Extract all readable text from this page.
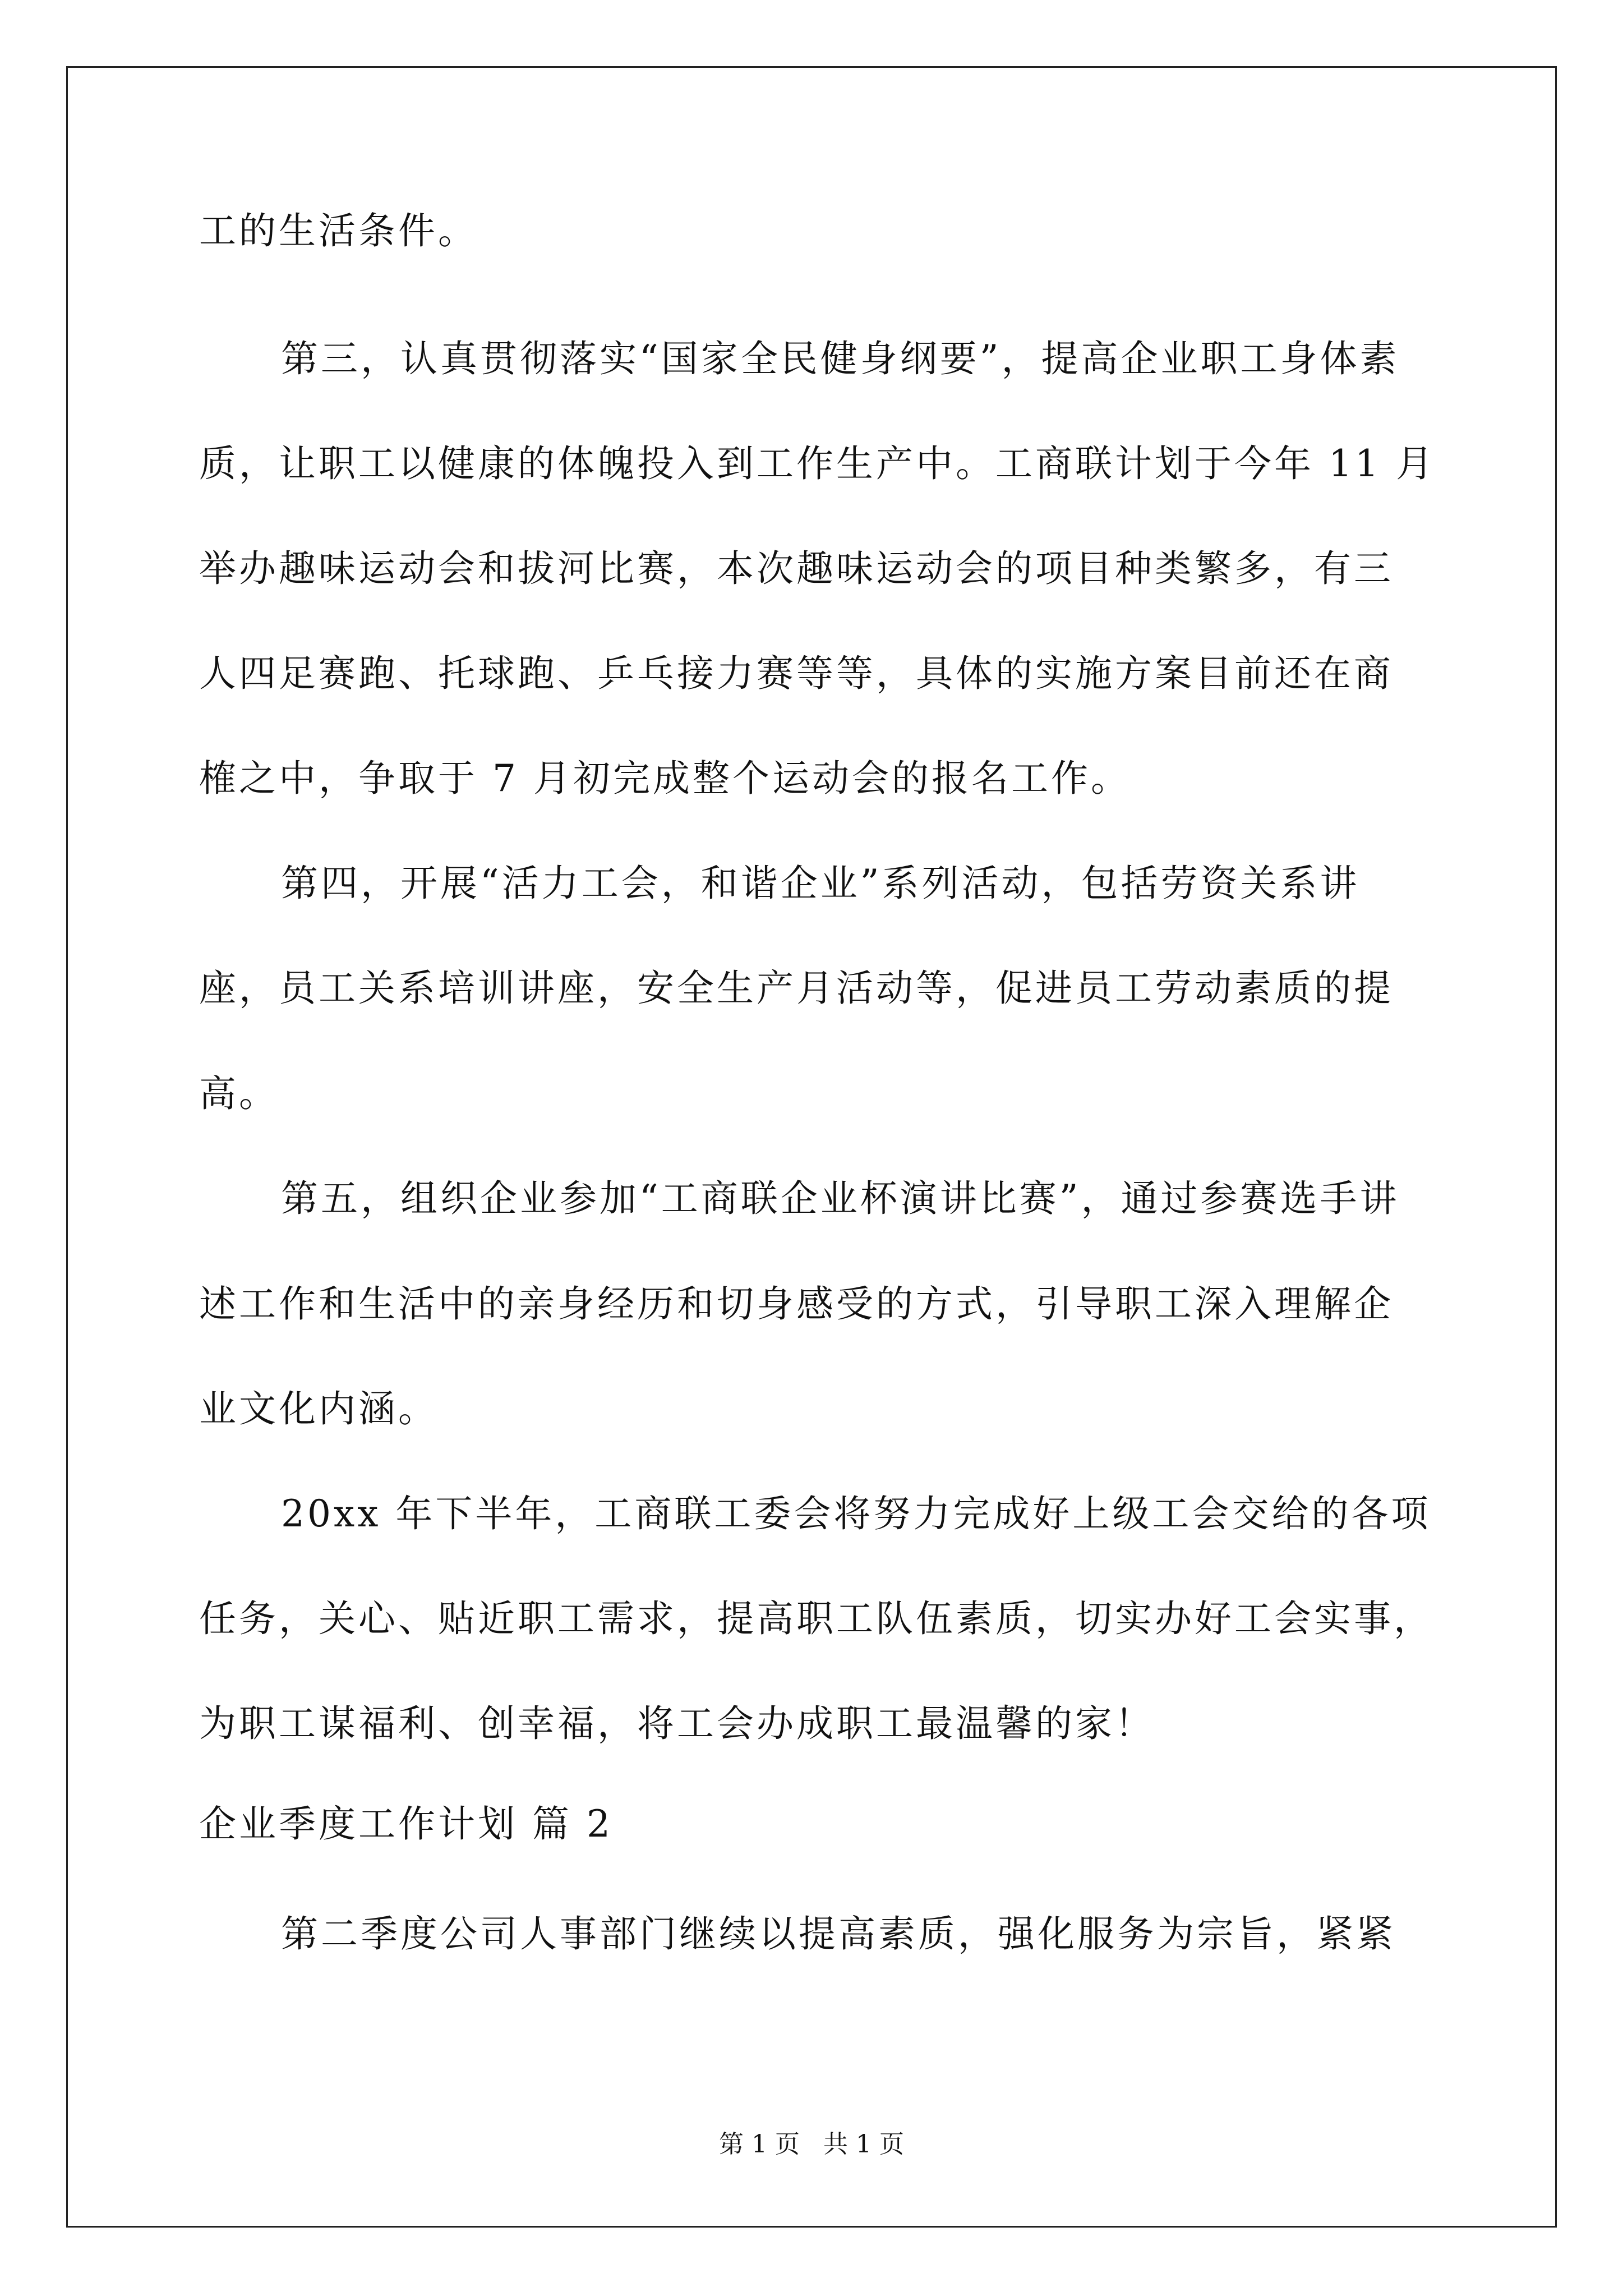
工的生活条件。
第三，认真贯彻落实“国家全民健身纲要”，提高企业职工身体素
质，让职工以健康的体魄投入到工作生产中。工商联计划于今年 11 月
举办趣味运动会和拔河比赛，本次趣味运动会的项目种类繁多，有三
人四足赛跑、托球跑、乒乓接力赛等等，具体的实施方案目前还在商
榷之中，争取于 7 月初完成整个运动会的报名工作。
第四，开展“活力工会，和谐企业”系列活动，包括劳资关系讲
座，员工关系培训讲座，安全生产月活动等，促进员工劳动素质的提
高。
第五，组织企业参加“工商联企业杯演讲比赛”，通过参赛选手讲
述工作和生活中的亲身经历和切身感受的方式，引导职工深入理解企
业文化内涵。
20xx 年下半年，工商联工委会将努力完成好上级工会交给的各项
任务，关心、贴近职工需求，提高职工队伍素质，切实办好工会实事，
为职工谋福利、创幸福，将工会办成职工最温馨的家！
企业季度工作计划 篇 2
第二季度公司人事部门继续以提高素质，强化服务为宗旨，紧紧
第 1 页   共 1 页
